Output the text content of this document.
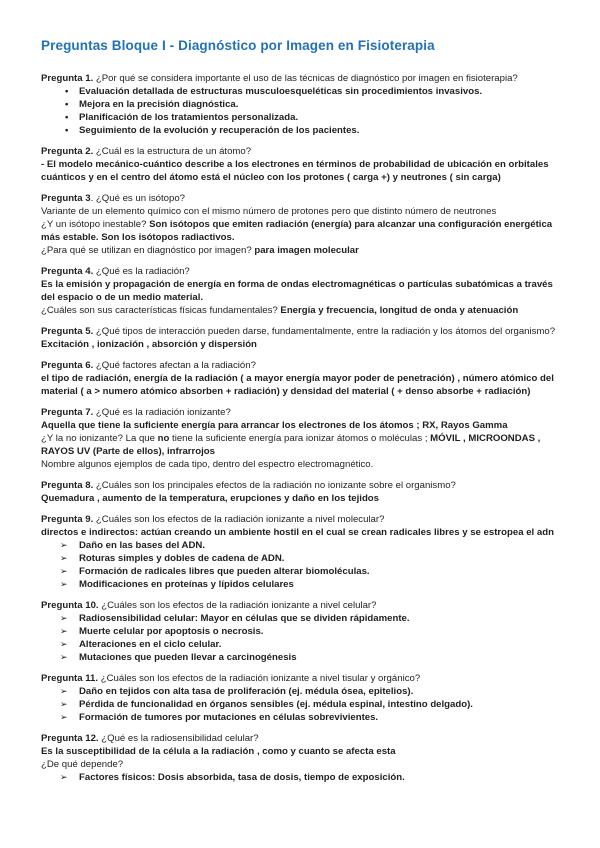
Preguntas Bloque I - Diagnóstico por Imagen en Fisioterapia

Pregunta 1. ¿Por qué se considera importante el uso de las técnicas de diagnóstico por imagen en fisioterapia?

• Evaluación detallada de estructuras musculoesqueléticas sin procedimientos invasivos.
• Mejora en la precisión diagnóstica.
• Planificación de los tratamientos personalizada.
• Seguimiento de la evolución y recuperación de los pacientes.

Pregunta 2. ¿Cuál es la estructura de un átomo?

- El modelo mecánico-cuántico describe a los electrones en términos de probabilidad de ubicación en orbitales cuánticos y en el centro del átomo está el núcleo con los protones ( carga +) y neutrones ( sin carga)

Pregunta 3. ¿Qué es un isótopo?

Variante de un elemento químico con el mismo número de protones pero que distinto número de neutrones

¿Y un isótopo inestable? Son isótopos que emiten radiación (energía) para alcanzar una configuración energética más estable. Son los isótopos radiactivos.

¿Para qué se utilizan en diagnóstico por imagen? para imagen molecular

Pregunta 4. ¿Qué es la radiación?

Es la emisión y propagación de energía en forma de ondas electromagnéticas o partículas subatómicas a través del espacio o de un medio material.

¿Cuáles son sus características físicas fundamentales? Energía y frecuencia, longitud de onda y atenuación

Pregunta 5. ¿Qué tipos de interacción pueden darse, fundamentalmente, entre la radiación y los átomos del organismo?

Excitación , ionización , absorción y dispersión

Pregunta 6. ¿Qué factores afectan a la radiación?

el tipo de radiación, energía de la radiación ( a mayor energía mayor poder de penetración) , número atómico del material ( a > numero atómico absorben + radiación) y densidad del material ( + denso absorbe + radiación)

Pregunta 7. ¿Qué es la radiación ionizante?

Aquella que tiene la suficiente energía para arrancar los electrones de los átomos ; RX, Rayos Gamma

¿Y la no ionizante? La que no tiene la suficiente energía para ionizar átomos o moléculas ; MÓVIL , MICROONDAS , RAYOS UV (Parte de ellos), infrarrojos

Nombre algunos ejemplos de cada tipo, dentro del espectro electromagnético.

Pregunta 8. ¿Cuáles son los principales efectos de la radiación no ionizante sobre el organismo?

Quemadura , aumento de la temperatura, erupciones y daño en los tejidos

Pregunta 9. ¿Cuáles son los efectos de la radiación ionizante a nivel molecular?

directos e indirectos: actúan creando un ambiente hostil en el cual se crean radicales libres y se estropea el adn

➢ Daño en las bases del ADN.
➢ Roturas simples y dobles de cadena de ADN.
➢ Formación de radicales libres que pueden alterar biomoléculas.
➢ Modificaciones en proteínas y lípidos celulares

Pregunta 10. ¿Cuáles son los efectos de la radiación ionizante a nivel celular?

➢ Radiosensibilidad celular: Mayor en células que se dividen rápidamente.
➢ Muerte celular por apoptosis o necrosis.
➢ Alteraciones en el ciclo celular.
➢ Mutaciones que pueden llevar a carcinogénesis

Pregunta 11. ¿Cuáles son los efectos de la radiación ionizante a nivel tisular y orgánico?

➢ Daño en tejidos con alta tasa de proliferación (ej. médula ósea, epitelios).
➢ Pérdida de funcionalidad en órganos sensibles (ej. médula espinal, intestino delgado).
➢ Formación de tumores por mutaciones en células sobrevivientes.

Pregunta 12. ¿Qué es la radiosensibilidad celular?

Es la susceptibilidad de la célula a la radiación , como y cuanto se afecta esta

¿De qué depende?

➢ Factores físicos: Dosis absorbida, tasa de dosis, tiempo de exposición.
